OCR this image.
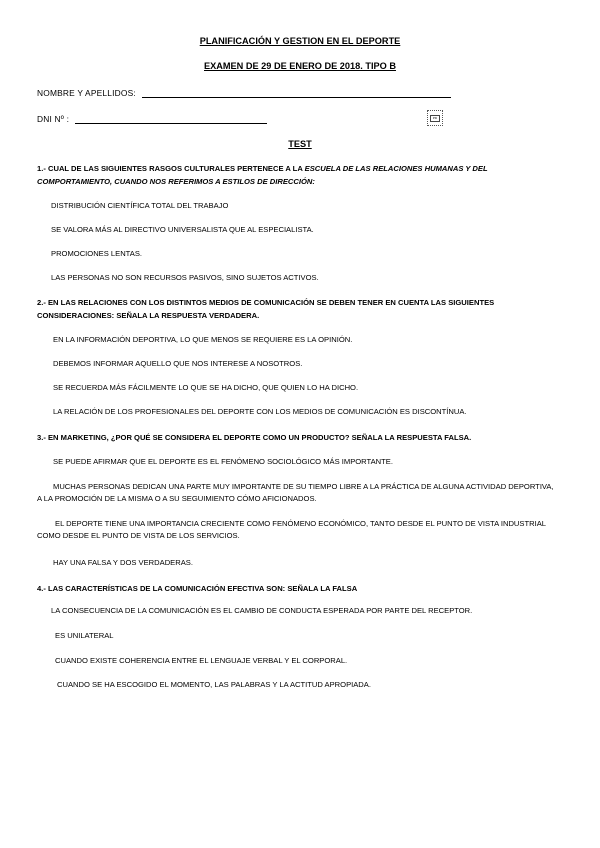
PLANIFICACIÓN Y GESTION EN EL DEPORTE
EXAMEN DE 29 DE ENERO DE 2018. TIPO B
NOMBRE Y APELLIDOS:
DNI Nº :	PD
TEST
1.- CUAL DE LAS SIGUIENTES RASGOS CULTURALES PERTENECE A LA ESCUELA DE LAS RELACIONES HUMANAS Y DEL COMPORTAMIENTO, CUANDO NOS REFERIMOS A ESTILOS DE DIRECCIÓN:
DISTRIBUCIÓN CIENTÍFICA TOTAL DEL TRABAJO
SE VALORA MÁS AL DIRECTIVO UNIVERSALISTA QUE AL ESPECIALISTA.
PROMOCIONES LENTAS.
LAS PERSONAS NO SON RECURSOS PASIVOS, SINO SUJETOS ACTIVOS.
2.- EN LAS RELACIONES CON LOS DISTINTOS MEDIOS DE COMUNICACIÓN SE DEBEN TENER EN CUENTA LAS SIGUIENTES CONSIDERACIONES: SEÑALA LA RESPUESTA VERDADERA.
EN LA INFORMACIÓN DEPORTIVA, LO QUE MENOS SE REQUIERE ES LA OPINIÓN.
DEBEMOS INFORMAR AQUELLO QUE NOS INTERESE A NOSOTROS.
SE RECUERDA MÁS FÁCILMENTE LO QUE SE HA DICHO, QUE QUIEN LO HA DICHO.
LA RELACIÓN DE LOS PROFESIONALES DEL DEPORTE CON LOS MEDIOS DE COMUNICACIÓN ES DISCONTÍNUA.
3.- EN MARKETING, ¿POR QUÉ SE CONSIDERA EL DEPORTE COMO UN PRODUCTO? SEÑALA LA RESPUESTA FALSA.
SE PUEDE AFIRMAR QUE EL DEPORTE ES EL FENÓMENO SOCIOLÓGICO MÁS IMPORTANTE.
MUCHAS PERSONAS DEDICAN UNA PARTE MUY IMPORTANTE DE SU TIEMPO LIBRE A LA PRÁCTICA DE ALGUNA ACTIVIDAD DEPORTIVA, A LA PROMOCIÓN DE LA MISMA O A SU SEGUIMIENTO CÓMO AFICIONADOS.
EL DEPORTE TIENE UNA IMPORTANCIA CRECIENTE COMO FENÓMENO ECONÓMICO, TANTO DESDE EL PUNTO DE VISTA INDUSTRIAL COMO DESDE EL PUNTO DE VISTA DE LOS SERVICIOS.
HAY UNA FALSA Y DOS VERDADERAS.
4.- LAS CARACTERÍSTICAS DE LA COMUNICACIÓN EFECTIVA SON: SEÑALA LA FALSA
LA CONSECUENCIA DE LA COMUNICACIÓN ES EL CAMBIO DE CONDUCTA ESPERADA POR PARTE DEL RECEPTOR.
ES UNILATERAL
CUANDO EXISTE COHERENCIA ENTRE EL LENGUAJE VERBAL Y EL CORPORAL.
CUANDO SE HA ESCOGIDO EL MOMENTO, LAS PALABRAS Y LA ACTITUD APROPIADA.
